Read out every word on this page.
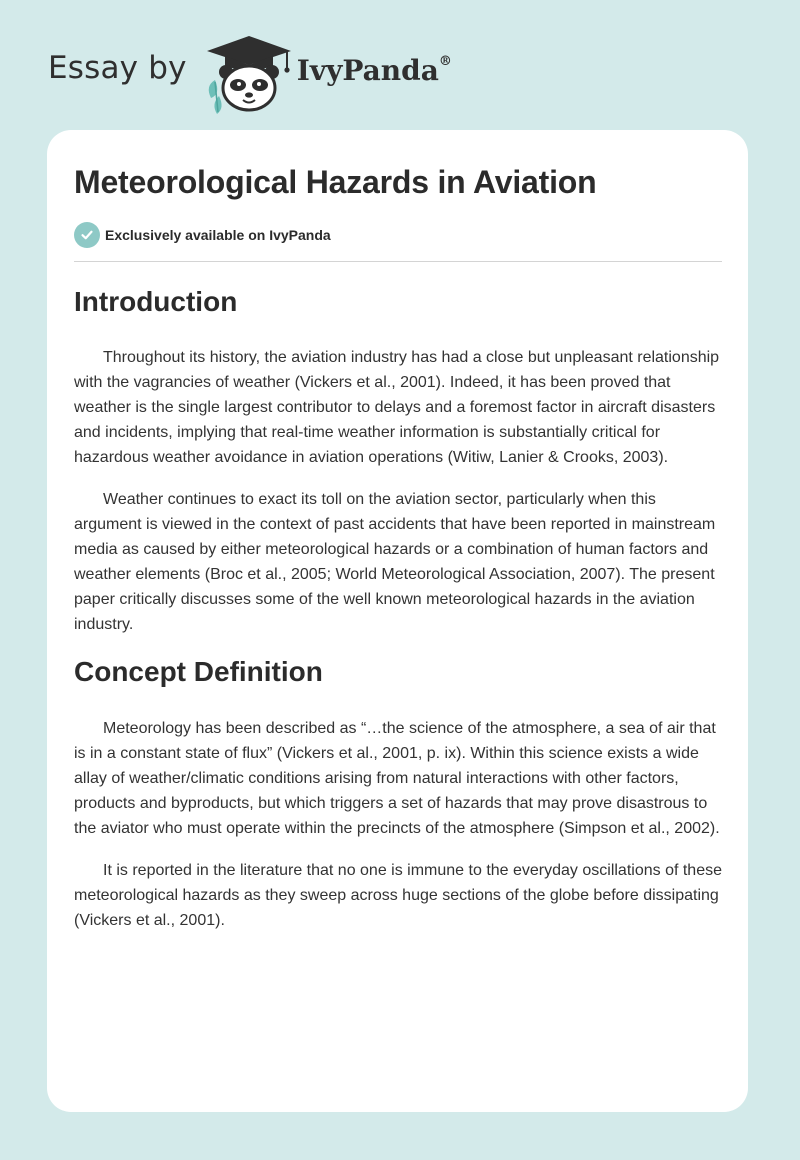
Essay by	IvyPanda®
Meteorological Hazards in Aviation
Exclusively available on IvyPanda
Introduction

Throughout its history, the aviation industry has had a close but unpleasant relationship with the vagrancies of weather (Vickers et al., 2001). Indeed, it has been proved that weather is the single largest contributor to delays and a foremost factor in aircraft disasters and incidents, implying that real-time weather information is substantially critical for hazardous weather avoidance in aviation operations (Witiw, Lanier & Crooks, 2003).

Weather continues to exact its toll on the aviation sector, particularly when this argument is viewed in the context of past accidents that have been reported in mainstream media as caused by either meteorological hazards or a combination of human factors and weather elements (Broc et al., 2005; World Meteorological Association, 2007). The present paper critically discusses some of the well known meteorological hazards in the aviation industry.

Concept Definition

Meteorology has been described as “…the science of the atmosphere, a sea of air that is in a constant state of flux” (Vickers et al., 2001, p. ix). Within this science exists a wide allay of weather/climatic conditions arising from natural interactions with other factors, products and byproducts, but which triggers a set of hazards that may prove disastrous to the aviator who must operate within the precincts of the atmosphere (Simpson et al., 2002).

It is reported in the literature that no one is immune to the everyday oscillations of these meteorological hazards as they sweep across huge sections of the globe before dissipating (Vickers et al., 2001).
